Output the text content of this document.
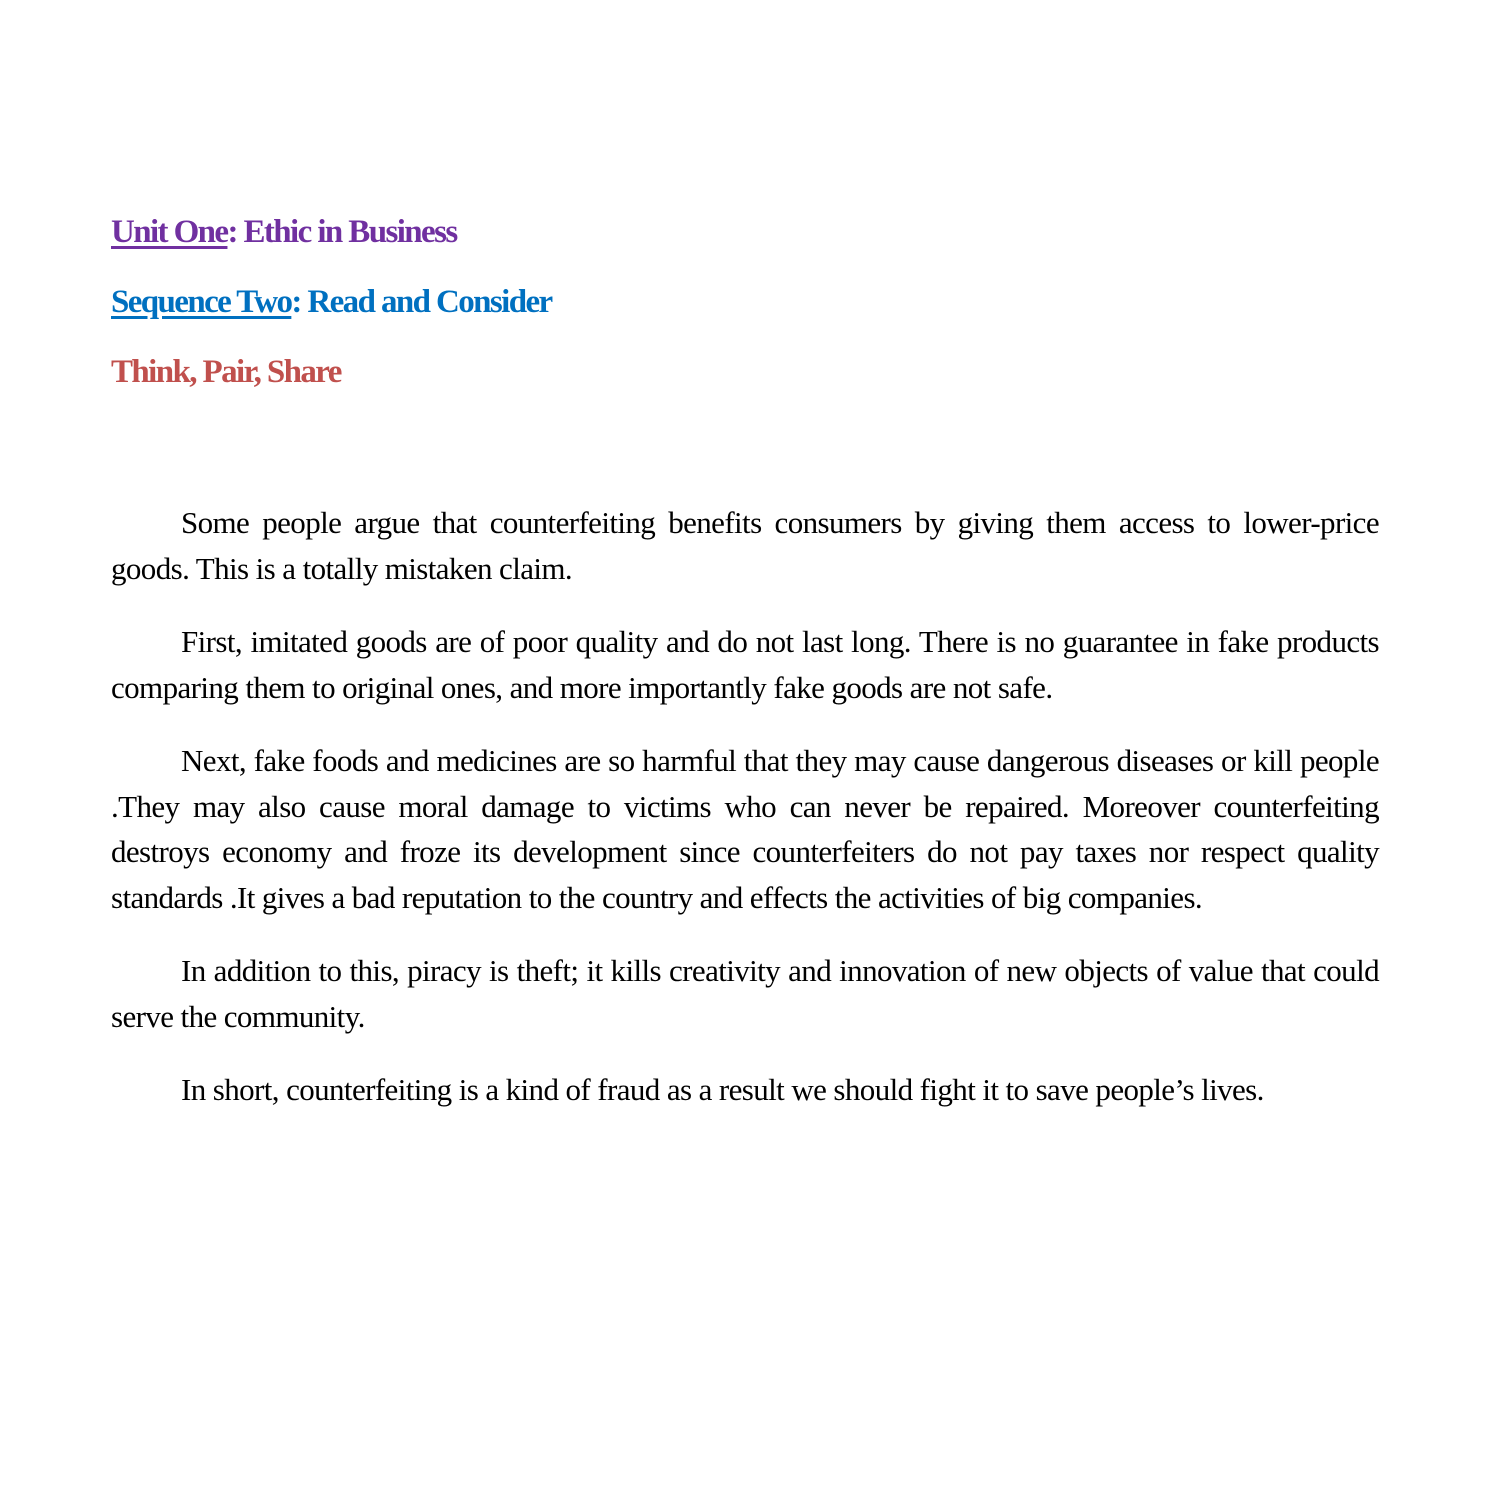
Unit One: Ethic in Business
Sequence Two: Read and Consider
Think, Pair, Share

Some people argue that counterfeiting benefits consumers by giving them access to lower-price goods. This is a totally mistaken claim.

First, imitated goods are of poor quality and do not last long. There is no guarantee in fake products comparing them to original ones, and more importantly fake goods are not safe.

Next, fake foods and medicines are so harmful that they may cause dangerous diseases or kill people .They may also cause moral damage to victims who can never be repaired. Moreover counterfeiting destroys economy and froze its development since counterfeiters do not pay taxes nor respect quality standards .It gives a bad reputation to the country and effects the activities of big companies.

In addition to this, piracy is theft; it kills creativity and innovation of new objects of value that could serve the community.

In short, counterfeiting is a kind of fraud as a result we should fight it to save people’s lives.
